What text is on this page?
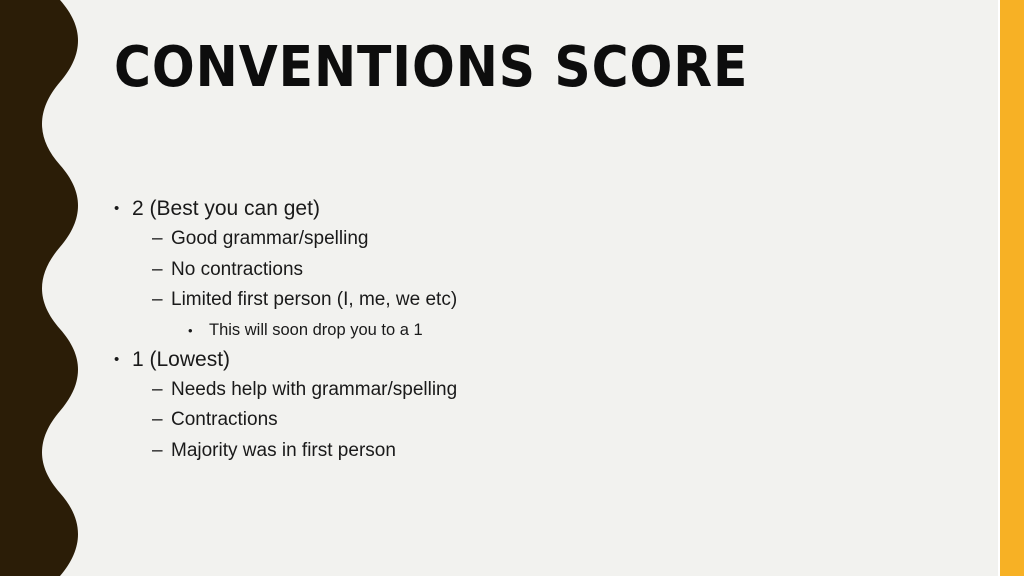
CONVENTIONS SCORE
• 2 (Best you can get)
– Good grammar/spelling
– No contractions
– Limited first person (I, me, we etc)
• This will soon drop you to a 1
• 1 (Lowest)
– Needs help with grammar/spelling
– Contractions
– Majority was in first person
